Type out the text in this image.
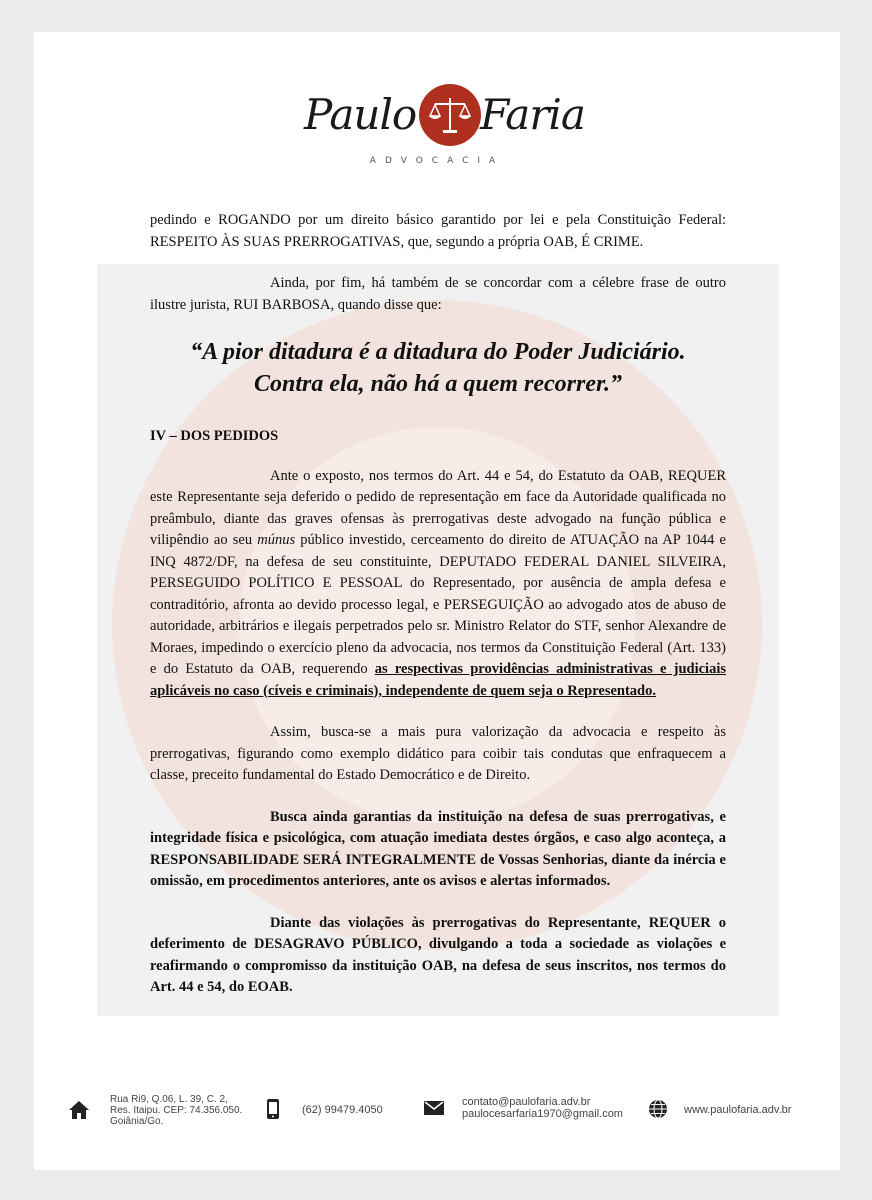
Paulo Faria
ADVOCACIA

pedindo e ROGANDO por um direito básico garantido por lei e pela Constituição Federal: RESPEITO ÀS SUAS PRERROGATIVAS, que, segundo a própria OAB, É CRIME.

Ainda, por fim, há também de se concordar com a célebre frase de outro ilustre jurista, RUI BARBOSA, quando disse que:

“A pior ditadura é a ditadura do Poder Judiciário.
Contra ela, não há a quem recorrer.”
IV – DOS PEDIDOS

Ante o exposto, nos termos do Art. 44 e 54, do Estatuto da OAB, REQUER este Representante seja deferido o pedido de representação em face da Autoridade qualificada no preâmbulo, diante das graves ofensas às prerrogativas deste advogado na função pública e vilipêndio ao seu múnus público investido, cerceamento do direito de ATUAÇÃO na AP 1044 e INQ 4872/DF, na defesa de seu constituinte, DEPUTADO FEDERAL DANIEL SILVEIRA, PERSEGUIDO POLÍTICO E PESSOAL do Representado, por ausência de ampla defesa e contraditório, afronta ao devido processo legal, e PERSEGUIÇÃO ao advogado atos de abuso de autoridade, arbitrários e ilegais perpetrados pelo sr. Ministro Relator do STF, senhor Alexandre de Moraes, impedindo o exercício pleno da advocacia, nos termos da Constituição Federal (Art. 133) e do Estatuto da OAB, requerendo as respectivas providências administrativas e judiciais aplicáveis no caso (cíveis e criminais), independente de quem seja o Representado.

Assim, busca-se a mais pura valorização da advocacia e respeito às prerrogativas, figurando como exemplo didático para coibir tais condutas que enfraquecem a classe, preceito fundamental do Estado Democrático e de Direito.

Busca ainda garantias da instituição na defesa de suas prerrogativas, e integridade física e psicológica, com atuação imediata destes órgãos, e caso algo aconteça, a RESPONSABILIDADE SERÁ INTEGRALMENTE de Vossas Senhorias, diante da inércia e omissão, em procedimentos anteriores, ante os avisos e alertas informados.

Diante das violações às prerrogativas do Representante, REQUER o deferimento de DESAGRAVO PÚBLICO, divulgando a toda a sociedade as violações e reafirmando o compromisso da instituição OAB, na defesa de seus inscritos, nos termos do Art. 44 e 54, do EOAB.

Rua Ri9, Q.06, L. 39, C. 2,
Res. Itaipu. CEP: 74.356.050.
Goiânia/Go.
(62) 99479.4050
contato@paulofaria.adv.br
paulocesarfaria1970@gmail.com	www.paulofaria.adv.br
